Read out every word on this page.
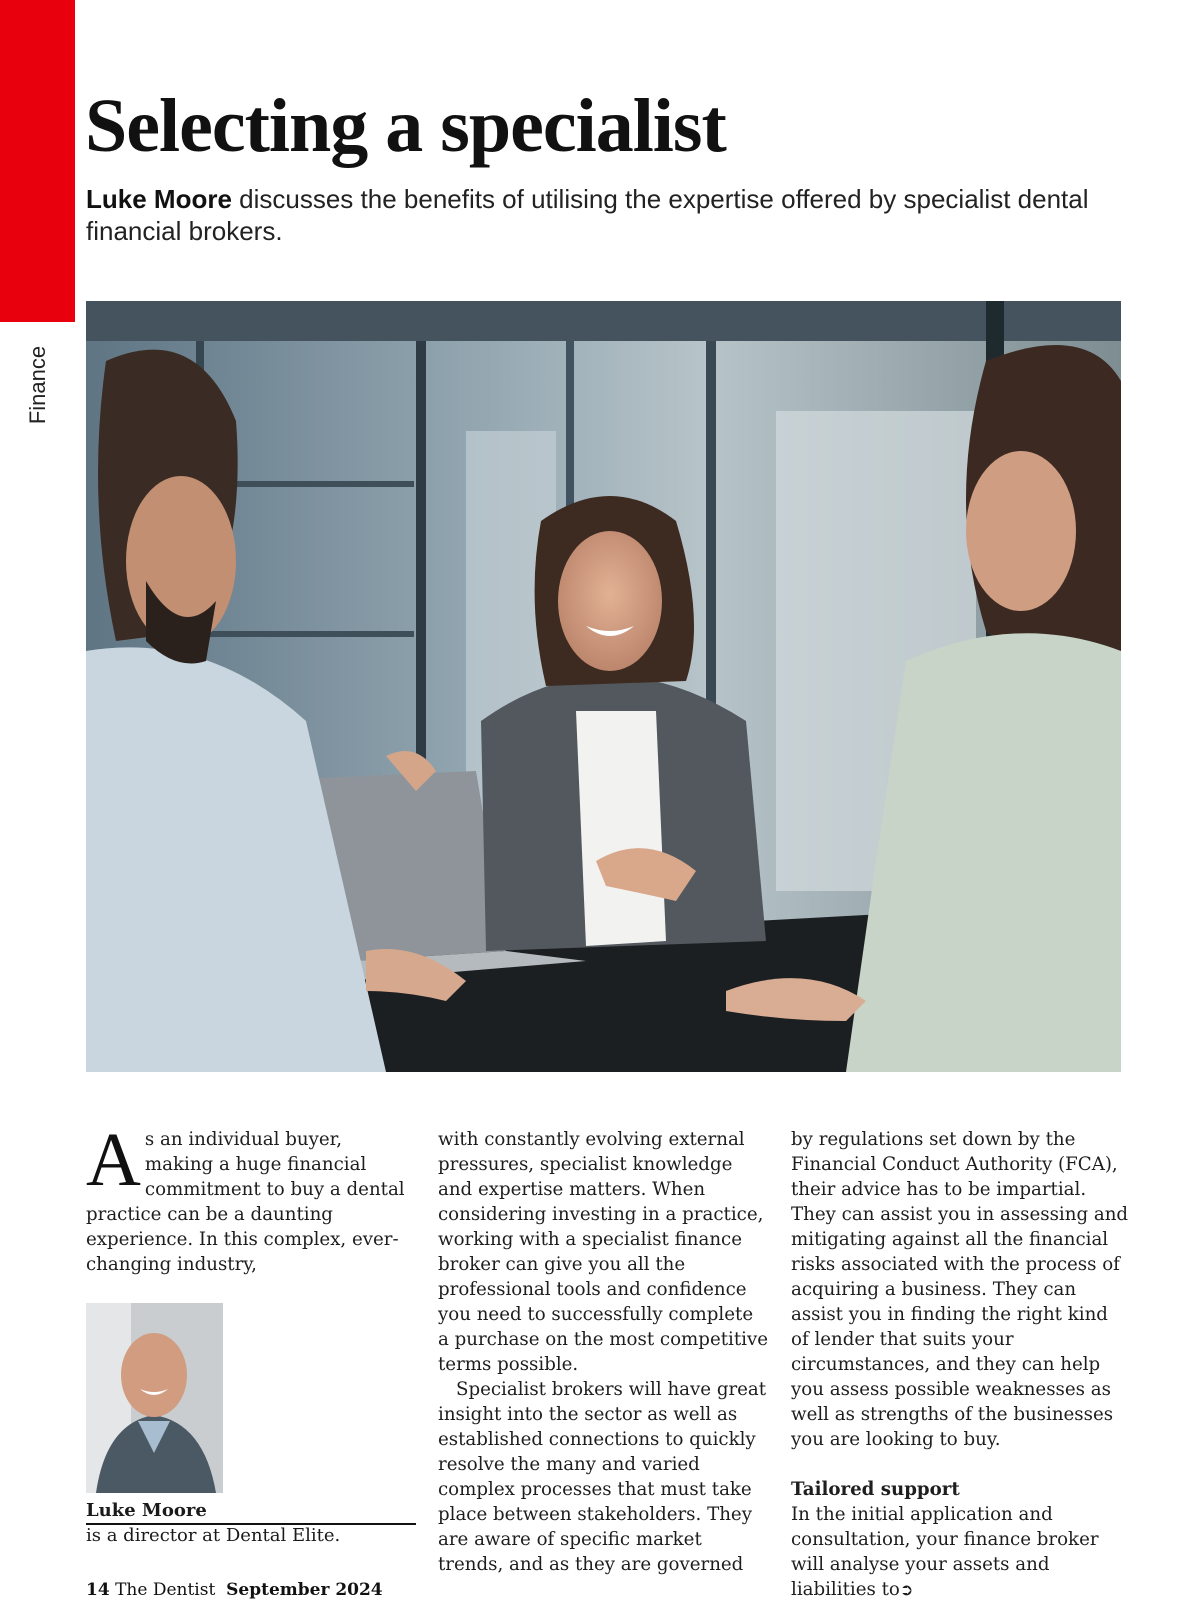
Finance
Selecting a specialist

Luke Moore discusses the benefits of utilising the expertise offered by specialist dental financial brokers.

As an individual buyer, making a huge financial commitment to buy a dental practice can be a daunting experience. In this complex, ever-changing industry,

Luke Moore

is a director at Dental Elite.

with constantly evolving external pressures, specialist knowledge and expertise matters. When considering investing in a practice, working with a specialist finance broker can give you all the professional tools and confidence you need to successfully complete a purchase on the most competitive terms possible.

Specialist brokers will have great insight into the sector as well as established connections to quickly resolve the many and varied complex processes that must take place between stakeholders. They are aware of specific market trends, and as they are governed

by regulations set down by the Financial Conduct Authority (FCA), their advice has to be impartial. They can assist you in assessing and mitigating against all the financial risks associated with the process of acquiring a business. They can assist you in finding the right kind of lender that suits your circumstances, and they can help you assess possible weaknesses as well as strengths of the businesses you are looking to buy.

Tailored support

In the initial application and consultation, your finance broker will analyse your assets and liabilities to➲

14 The Dentist September 2024
